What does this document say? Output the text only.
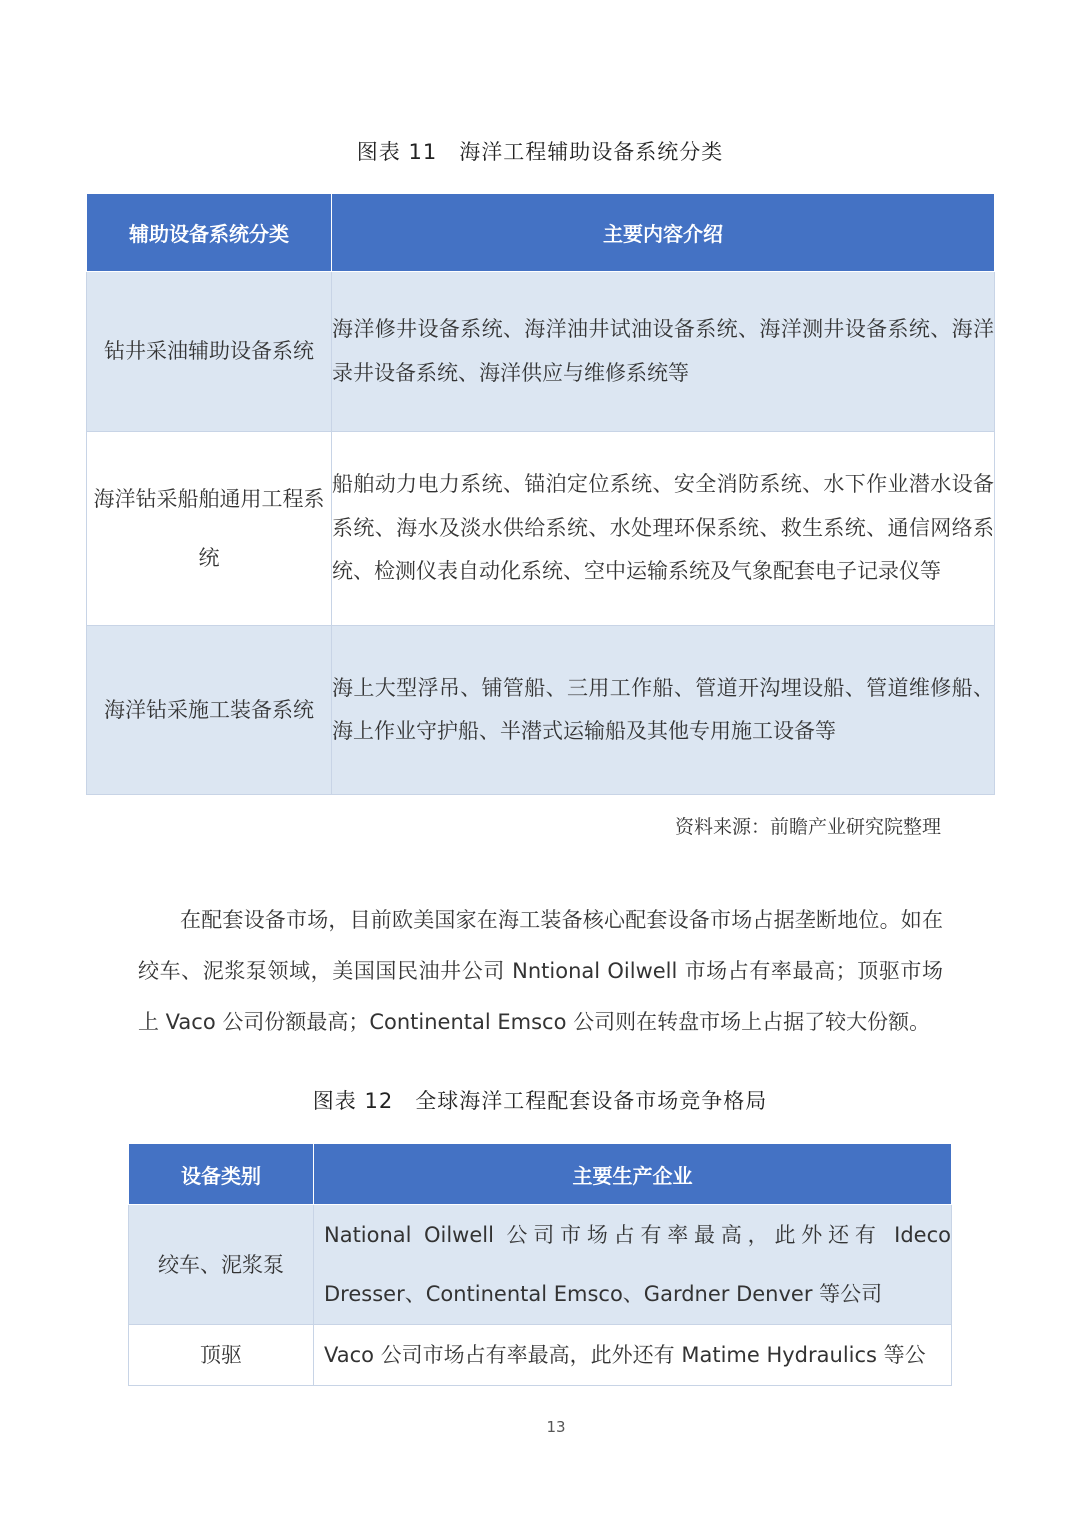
图表 11 海洋工程辅助设备系统分类
辅助设备系统分类	主要内容介绍
钻井采油辅助设备系统	海洋修井设备系统、海洋油井试油设备系统、海洋测井设备系统、海洋录井设备系统、海洋供应与维修系统等
海洋钻采船舶通用工程系统	船舶动力电力系统、锚泊定位系统、安全消防系统、水下作业潜水设备系统、海水及淡水供给系统、水处理环保系统、救生系统、通信网络系统、检测仪表自动化系统、空中运输系统及气象配套电子记录仪等
海洋钻采施工装备系统	海上大型浮吊、铺管船、三用工作船、管道开沟埋设船、管道维修船、海上作业守护船、半潜式运输船及其他专用施工设备等
资料来源：前瞻产业研究院整理

在配套设备市场，目前欧美国家在海工装备核心配套设备市场占据垄断地位。如在绞车、泥浆泵领域，美国国民油井公司 Nntional Oilwell 市场占有率最高；顶驱市场上 Vaco 公司份额最高；Continental Emsco 公司则在转盘市场上占据了较大份额。

图表 12 全球海洋工程配套设备市场竞争格局
设备类别	主要生产企业
绞车、泥浆泵	National Oilwell 公司市场占有率最高，此外还有 Ideco Dresser、Continental Emsco、Gardner Denver 等公司
顶驱	Vaco 公司市场占有率最高，此外还有 Matime Hydraulics 等公
13
